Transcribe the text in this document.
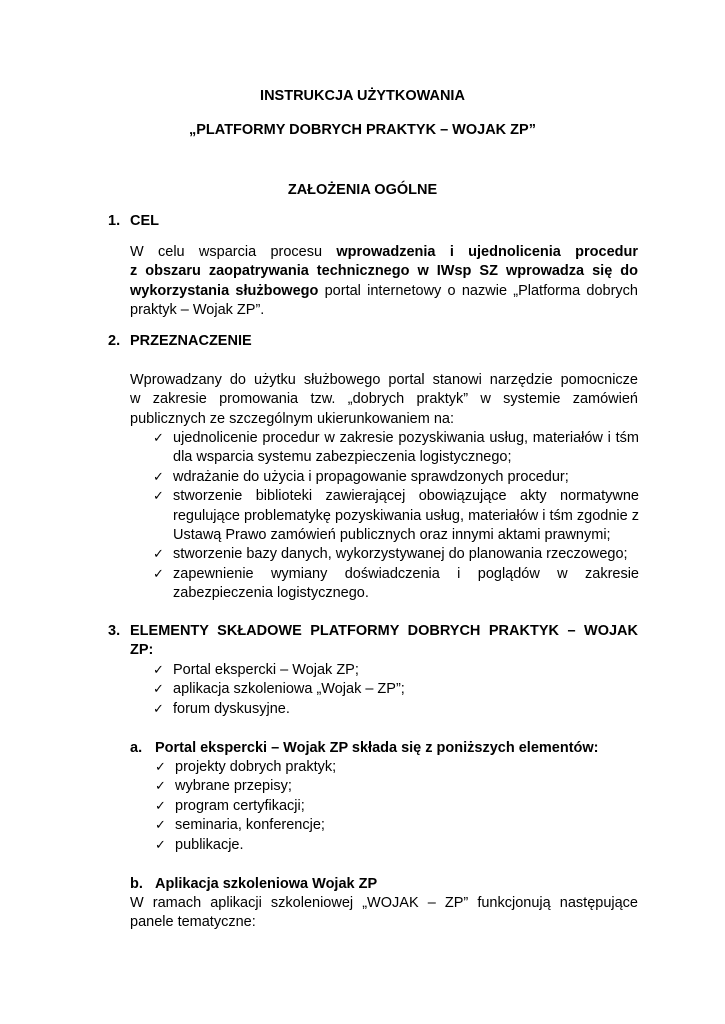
INSTRUKCJA UŻYTKOWANIA
„PLATFORMY DOBRYCH PRAKTYK – WOJAK ZP”
ZAŁOŻENIA OGÓLNE
1. CEL
W celu wsparcia procesu wprowadzenia i ujednolicenia procedur
z obszaru zaopatrywania technicznego w IWsp SZ wprowadza się do
wykorzystania służbowego portal internetowy o nazwie „Platforma dobrych
praktyk – Wojak ZP”.
2. PRZEZNACZENIE
Wprowadzany do użytku służbowego portal stanowi narzędzie pomocnicze
w zakresie promowania tzw. „dobrych praktyk” w systemie zamówień
publicznych ze szczególnym ukierunkowaniem na:
✓ ujednolicenie procedur w zakresie pozyskiwania usług, materiałów i tśm dla wsparcia systemu zabezpieczenia logistycznego;
✓ wdrażanie do użycia i propagowanie sprawdzonych procedur;
✓ stworzenie biblioteki zawierającej obowiązujące akty normatywne regulujące problematykę pozyskiwania usług, materiałów i tśm zgodnie z Ustawą Prawo zamówień publicznych oraz innymi aktami prawnymi;
✓ stworzenie bazy danych, wykorzystywanej do planowania rzeczowego;
✓ zapewnienie wymiany doświadczenia i poglądów w zakresie zabezpieczenia logistycznego.
3. ELEMENTY SKŁADOWE PLATFORMY DOBRYCH PRAKTYK – WOJAK
ZP:
✓ Portal ekspercki – Wojak ZP;
✓ aplikacja szkoleniowa „Wojak – ZP”;
✓ forum dyskusyjne.
a. Portal ekspercki – Wojak ZP składa się z poniższych elementów:
✓ projekty dobrych praktyk;
✓ wybrane przepisy;
✓ program certyfikacji;
✓ seminaria, konferencje;
✓ publikacje.
b. Aplikacja szkoleniowa Wojak ZP
W ramach aplikacji szkoleniowej „WOJAK – ZP” funkcjonują następujące
panele tematyczne:
